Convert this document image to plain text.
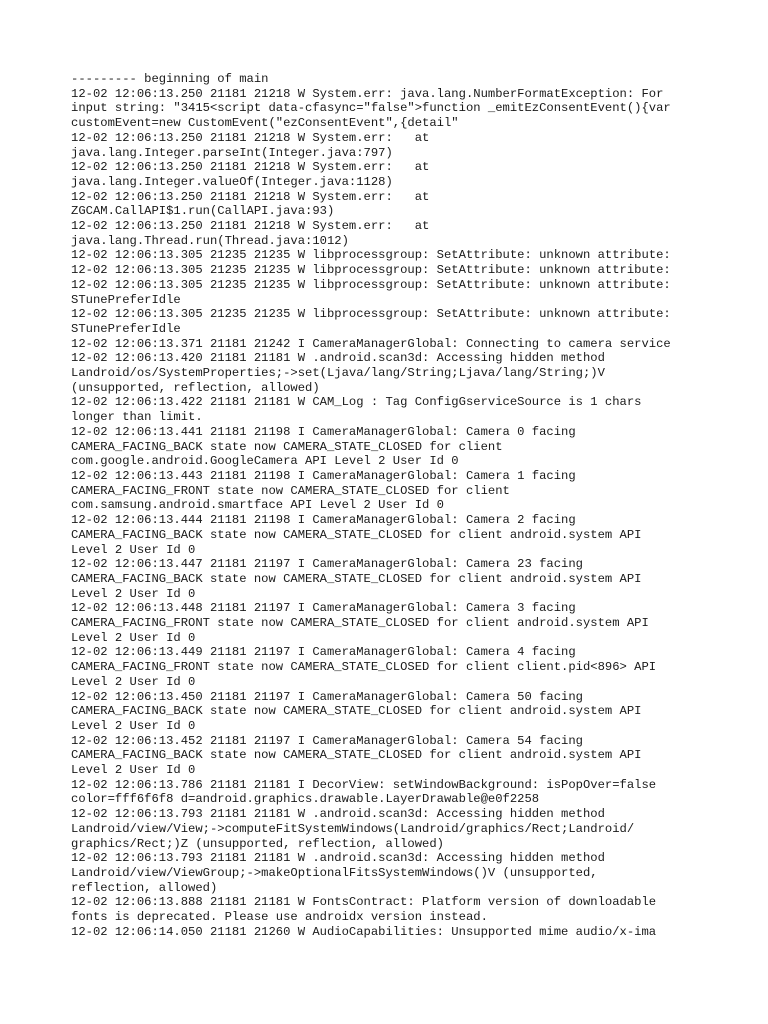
--------- beginning of main
12-02 12:06:13.250 21181 21218 W System.err: java.lang.NumberFormatException: For
input string: "3415<script data-cfasync="false">function _emitEzConsentEvent(){var
customEvent=new CustomEvent("ezConsentEvent",{detail"
12-02 12:06:13.250 21181 21218 W System.err:   at
java.lang.Integer.parseInt(Integer.java:797)
12-02 12:06:13.250 21181 21218 W System.err:   at
java.lang.Integer.valueOf(Integer.java:1128)
12-02 12:06:13.250 21181 21218 W System.err:   at
ZGCAM.CallAPI$1.run(CallAPI.java:93)
12-02 12:06:13.250 21181 21218 W System.err:   at
java.lang.Thread.run(Thread.java:1012)
12-02 12:06:13.305 21235 21235 W libprocessgroup: SetAttribute: unknown attribute:
12-02 12:06:13.305 21235 21235 W libprocessgroup: SetAttribute: unknown attribute:
12-02 12:06:13.305 21235 21235 W libprocessgroup: SetAttribute: unknown attribute:
STunePreferIdle
12-02 12:06:13.305 21235 21235 W libprocessgroup: SetAttribute: unknown attribute:
STunePreferIdle
12-02 12:06:13.371 21181 21242 I CameraManagerGlobal: Connecting to camera service
12-02 12:06:13.420 21181 21181 W .android.scan3d: Accessing hidden method
Landroid/os/SystemProperties;->set(Ljava/lang/String;Ljava/lang/String;)V
(unsupported, reflection, allowed)
12-02 12:06:13.422 21181 21181 W CAM_Log : Tag ConfigGserviceSource is 1 chars
longer than limit.
12-02 12:06:13.441 21181 21198 I CameraManagerGlobal: Camera 0 facing
CAMERA_FACING_BACK state now CAMERA_STATE_CLOSED for client
com.google.android.GoogleCamera API Level 2 User Id 0
12-02 12:06:13.443 21181 21198 I CameraManagerGlobal: Camera 1 facing
CAMERA_FACING_FRONT state now CAMERA_STATE_CLOSED for client
com.samsung.android.smartface API Level 2 User Id 0
12-02 12:06:13.444 21181 21198 I CameraManagerGlobal: Camera 2 facing
CAMERA_FACING_BACK state now CAMERA_STATE_CLOSED for client android.system API
Level 2 User Id 0
12-02 12:06:13.447 21181 21197 I CameraManagerGlobal: Camera 23 facing
CAMERA_FACING_BACK state now CAMERA_STATE_CLOSED for client android.system API
Level 2 User Id 0
12-02 12:06:13.448 21181 21197 I CameraManagerGlobal: Camera 3 facing
CAMERA_FACING_FRONT state now CAMERA_STATE_CLOSED for client android.system API
Level 2 User Id 0
12-02 12:06:13.449 21181 21197 I CameraManagerGlobal: Camera 4 facing
CAMERA_FACING_FRONT state now CAMERA_STATE_CLOSED for client client.pid<896> API
Level 2 User Id 0
12-02 12:06:13.450 21181 21197 I CameraManagerGlobal: Camera 50 facing
CAMERA_FACING_BACK state now CAMERA_STATE_CLOSED for client android.system API
Level 2 User Id 0
12-02 12:06:13.452 21181 21197 I CameraManagerGlobal: Camera 54 facing
CAMERA_FACING_BACK state now CAMERA_STATE_CLOSED for client android.system API
Level 2 User Id 0
12-02 12:06:13.786 21181 21181 I DecorView: setWindowBackground: isPopOver=false
color=fff6f6f8 d=android.graphics.drawable.LayerDrawable@e0f2258
12-02 12:06:13.793 21181 21181 W .android.scan3d: Accessing hidden method
Landroid/view/View;->computeFitSystemWindows(Landroid/graphics/Rect;Landroid/
graphics/Rect;)Z (unsupported, reflection, allowed)
12-02 12:06:13.793 21181 21181 W .android.scan3d: Accessing hidden method
Landroid/view/ViewGroup;->makeOptionalFitsSystemWindows()V (unsupported,
reflection, allowed)
12-02 12:06:13.888 21181 21181 W FontsContract: Platform version of downloadable
fonts is deprecated. Please use androidx version instead.
12-02 12:06:14.050 21181 21260 W AudioCapabilities: Unsupported mime audio/x-ima
